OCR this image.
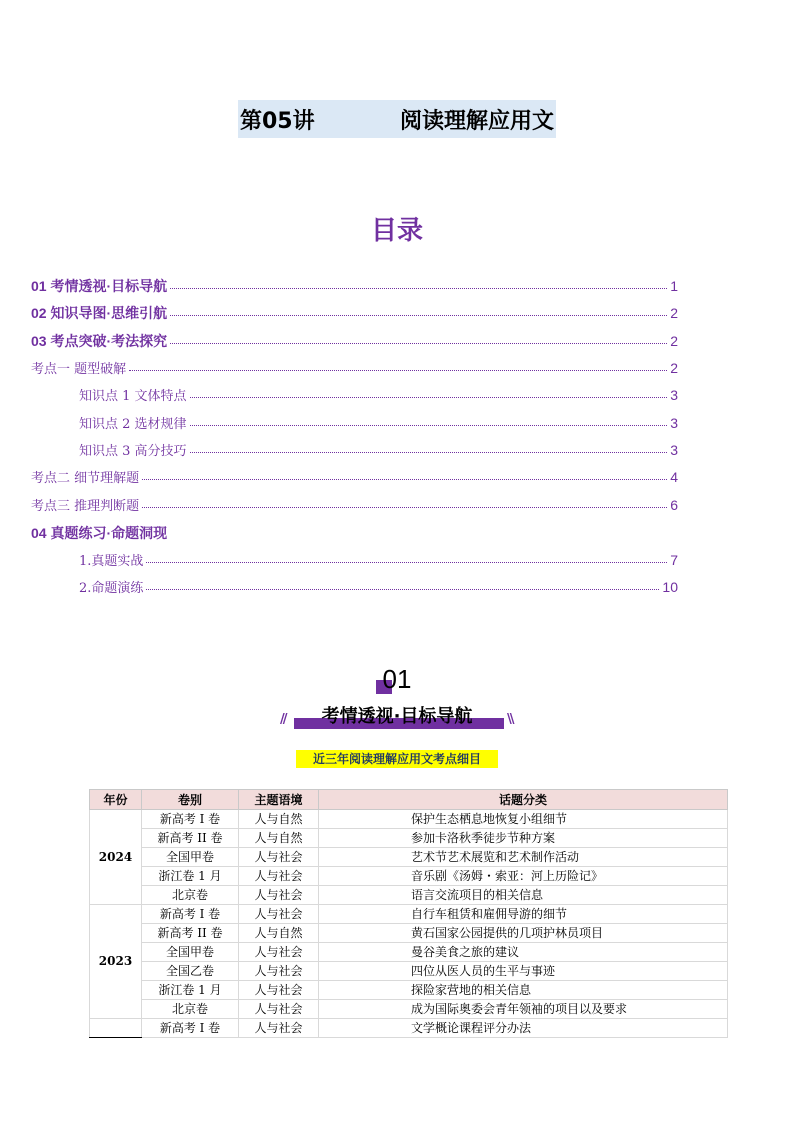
第05讲	阅读理解应用文
目录
01 考情透视·目标导航	1
02 知识导图·思维引航	2
03 考点突破·考法探究	2
考点一 题型破解	2
知识点 1 文体特点	3
知识点 2 选材规律	3
知识点 3 高分技巧	3
考点二 细节理解题	4
考点三 推理判断题	6
04 真题练习·命题洞现
1.真题实战	7
2.命题演练	10
01
//	\\
考情透视·目标导航
近三年阅读理解应用文考点细目
年份	卷别	主题语境	话题分类
2024	新高考 I 卷	人与自然	保护生态栖息地恢复小组细节
	新高考 II 卷	人与自然	参加卡洛秋季徒步节种方案
	全国甲卷	人与社会	艺术节艺术展览和艺术制作活动
	浙江卷 1 月	人与社会	音乐剧《汤姆・索亚：河上历险记》
	北京卷	人与社会	语言交流项目的相关信息
2023	新高考 I 卷	人与社会	自行车租赁和雇佣导游的细节
	新高考 II 卷	人与自然	黄石国家公园提供的几项护林员项目
	全国甲卷	人与社会	曼谷美食之旅的建议
	全国乙卷	人与社会	四位从医人员的生平与事迹
	浙江卷 1 月	人与社会	探险家营地的相关信息
	北京卷	人与社会	成为国际奥委会青年领袖的项目以及要求
	新高考 I 卷	人与社会	文学概论课程评分办法
